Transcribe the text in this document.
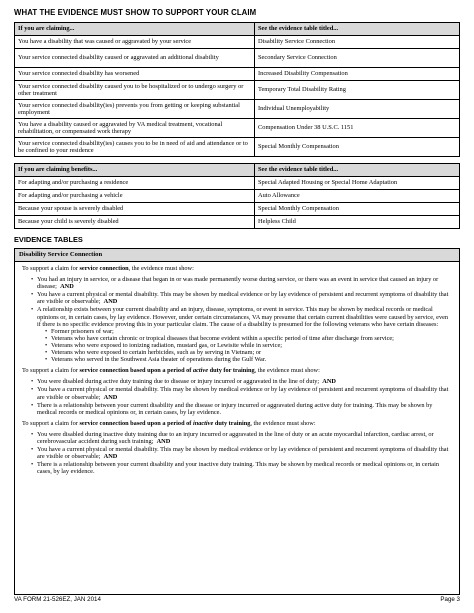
WHAT THE EVIDENCE MUST SHOW TO SUPPORT YOUR CLAIM
If you are claiming...	See the evidence table titled...
You have a disability that was caused or aggravated by your service	Disability Service Connection
Your service connected disability caused or aggravated an additional disability	Secondary Service Connection
Your service connected disability has worsened	Increased Disability Compensation
Your service connected disability caused you to be hospitalized or to undergo surgery or other treatment	Temporary Total Disability Rating
Your service connected disability(ies) prevents you from getting or keeping substantial employment	Individual Unemployability
You have a disability caused or aggravated by VA medical treatment, vocational rehabilitation, or compensated work therapy	Compensation Under 38 U.S.C. 1151
Your service connected disability(ies) causes you to be in need of aid and attendance or to be confined to your residence	Special Monthly Compensation
If you are claiming benefits...	See the evidence table titled...
For adapting and/or purchasing a residence	Special Adapted Housing or Special Home Adaptation
For adapting and/or purchasing a vehicle	Auto Allowance
Because your spouse is severely disabled	Special Monthly Compensation
Because your child is severely disabled	Helpless Child
EVIDENCE TABLES
Disability Service Connection

To support a claim for service connection, the evidence must show:

• You had an injury in service, or a disease that began in or was made permanently worse during service, or there was an event in service that caused an injury or disease; AND
• You have a current physical or mental disability. This may be shown by medical evidence or by lay evidence of persistent and recurrent symptoms of disability that are visible or observable; AND
• A relationship exists between your current disability and an injury, disease, symptoms, or event in service. This may be shown by medical records or medical opinions or, in certain cases, by lay evidence. However, under certain circumstances, VA may presume that certain current disabilities were caused by service, even if there is no specific evidence proving this in your particular claim. The cause of a disability is presumed for the following veterans who have certain diseases:
• Former prisoners of war;
• Veterans who have certain chronic or tropical diseases that become evident within a specific period of time after discharge from service;
• Veterans who were exposed to ionizing radiation, mustard gas, or Lewisite while in service;
• Veterans who were exposed to certain herbicides, such as by serving in Vietnam; or
• Veterans who served in the Southwest Asia theater of operations during the Gulf War.

To support a claim for service connection based upon a period of active duty for training, the evidence must show:

• You were disabled during active duty training due to disease or injury incurred or aggravated in the line of duty; AND
• You have a current physical or mental disability. This may be shown by medical evidence or by lay evidence of persistent and recurrent symptoms of disability that are visible or observable; AND
• There is a relationship between your current disability and the disease or injury incurred or aggravated during active duty for training. This may be shown by medical records or medical opinions or, in certain cases, by lay evidence.

To support a claim for service connection based upon a period of inactive duty training, the evidence must show:

• You were disabled during inactive duty training due to an injury incurred or aggravated in the line of duty or an acute myocardial infarction, cardiac arrest, or cerebrovascular accident during such training; AND
• You have a current physical or mental disability. This may be shown by medical evidence or by lay evidence of persistent and recurrent symptoms of disability that are visible or observable; AND
• There is a relationship between your current disability and your inactive duty training. This may be shown by medical records or medical opinions or, in certain cases, by lay evidence.
VA FORM 21-526EZ, JAN 2014	Page 3
